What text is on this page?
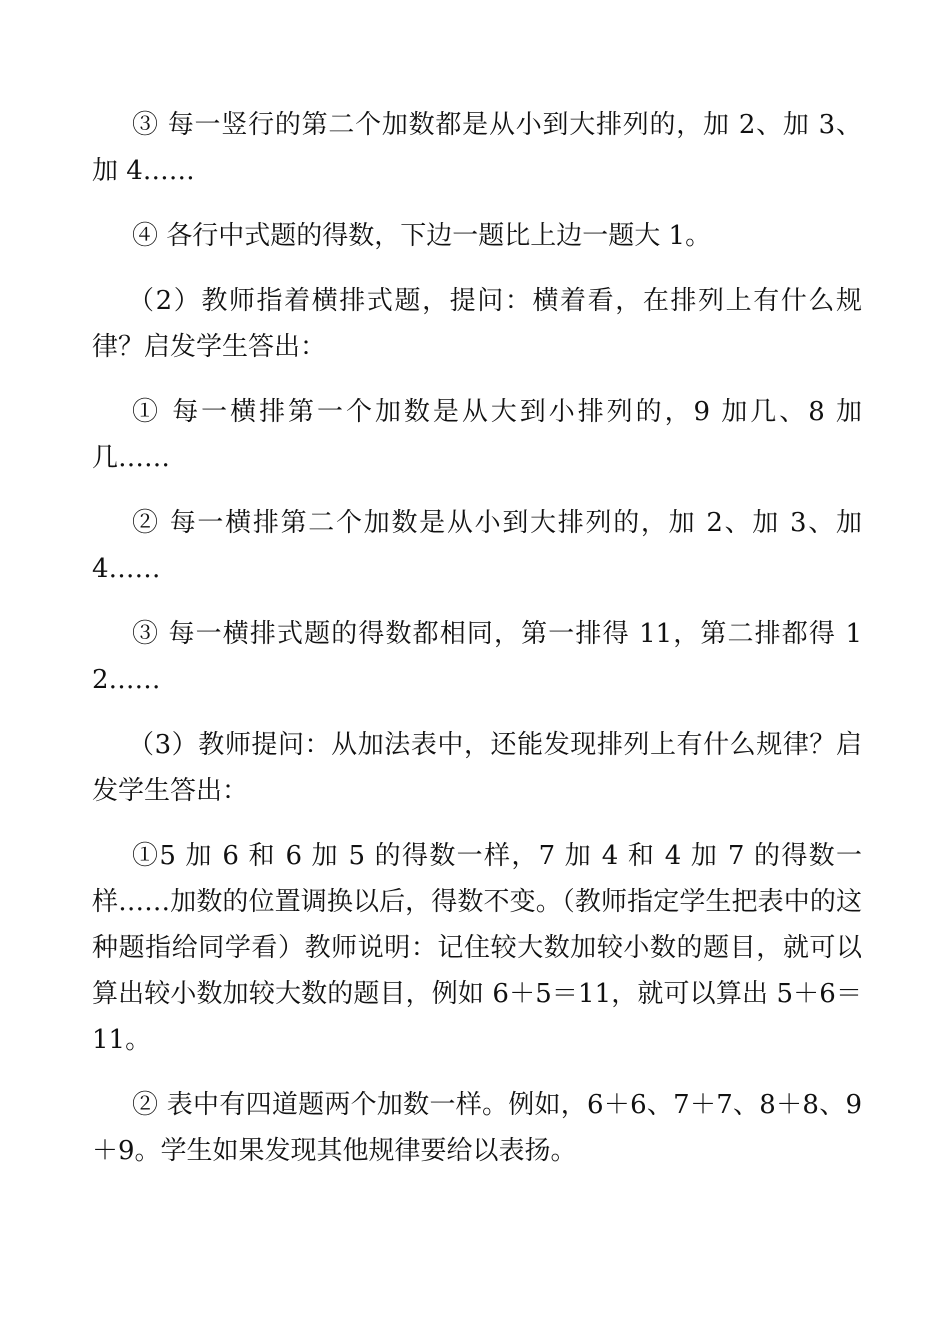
③ 每一竖行的第二个加数都是从小到大排列的，加 2、加 3、加 4……

④ 各行中式题的得数，下边一题比上边一题大 1。

（2）教师指着横排式题，提问：横着看，在排列上有什么规律？启发学生答出：

① 每一横排第一个加数是从大到小排列的，9 加几、8 加几……

② 每一横排第二个加数是从小到大排列的，加 2、加 3、加 4……

③ 每一横排式题的得数都相同，第一排得 11，第二排都得 12……

（3）教师提问：从加法表中，还能发现排列上有什么规律？启发学生答出：

①5 加 6 和 6 加 5 的得数一样，7 加 4 和 4 加 7 的得数一样……加数的位置调换以后，得数不变。（教师指定学生把表中的这种题指给同学看）教师说明：记住较大数加较小数的题目，就可以算出较小数加较大数的题目，例如 6＋5＝11，就可以算出 5＋6＝11。

② 表中有四道题两个加数一样。例如，6＋6、7＋7、8＋8、9＋9。学生如果发现其他规律要给以表扬。
